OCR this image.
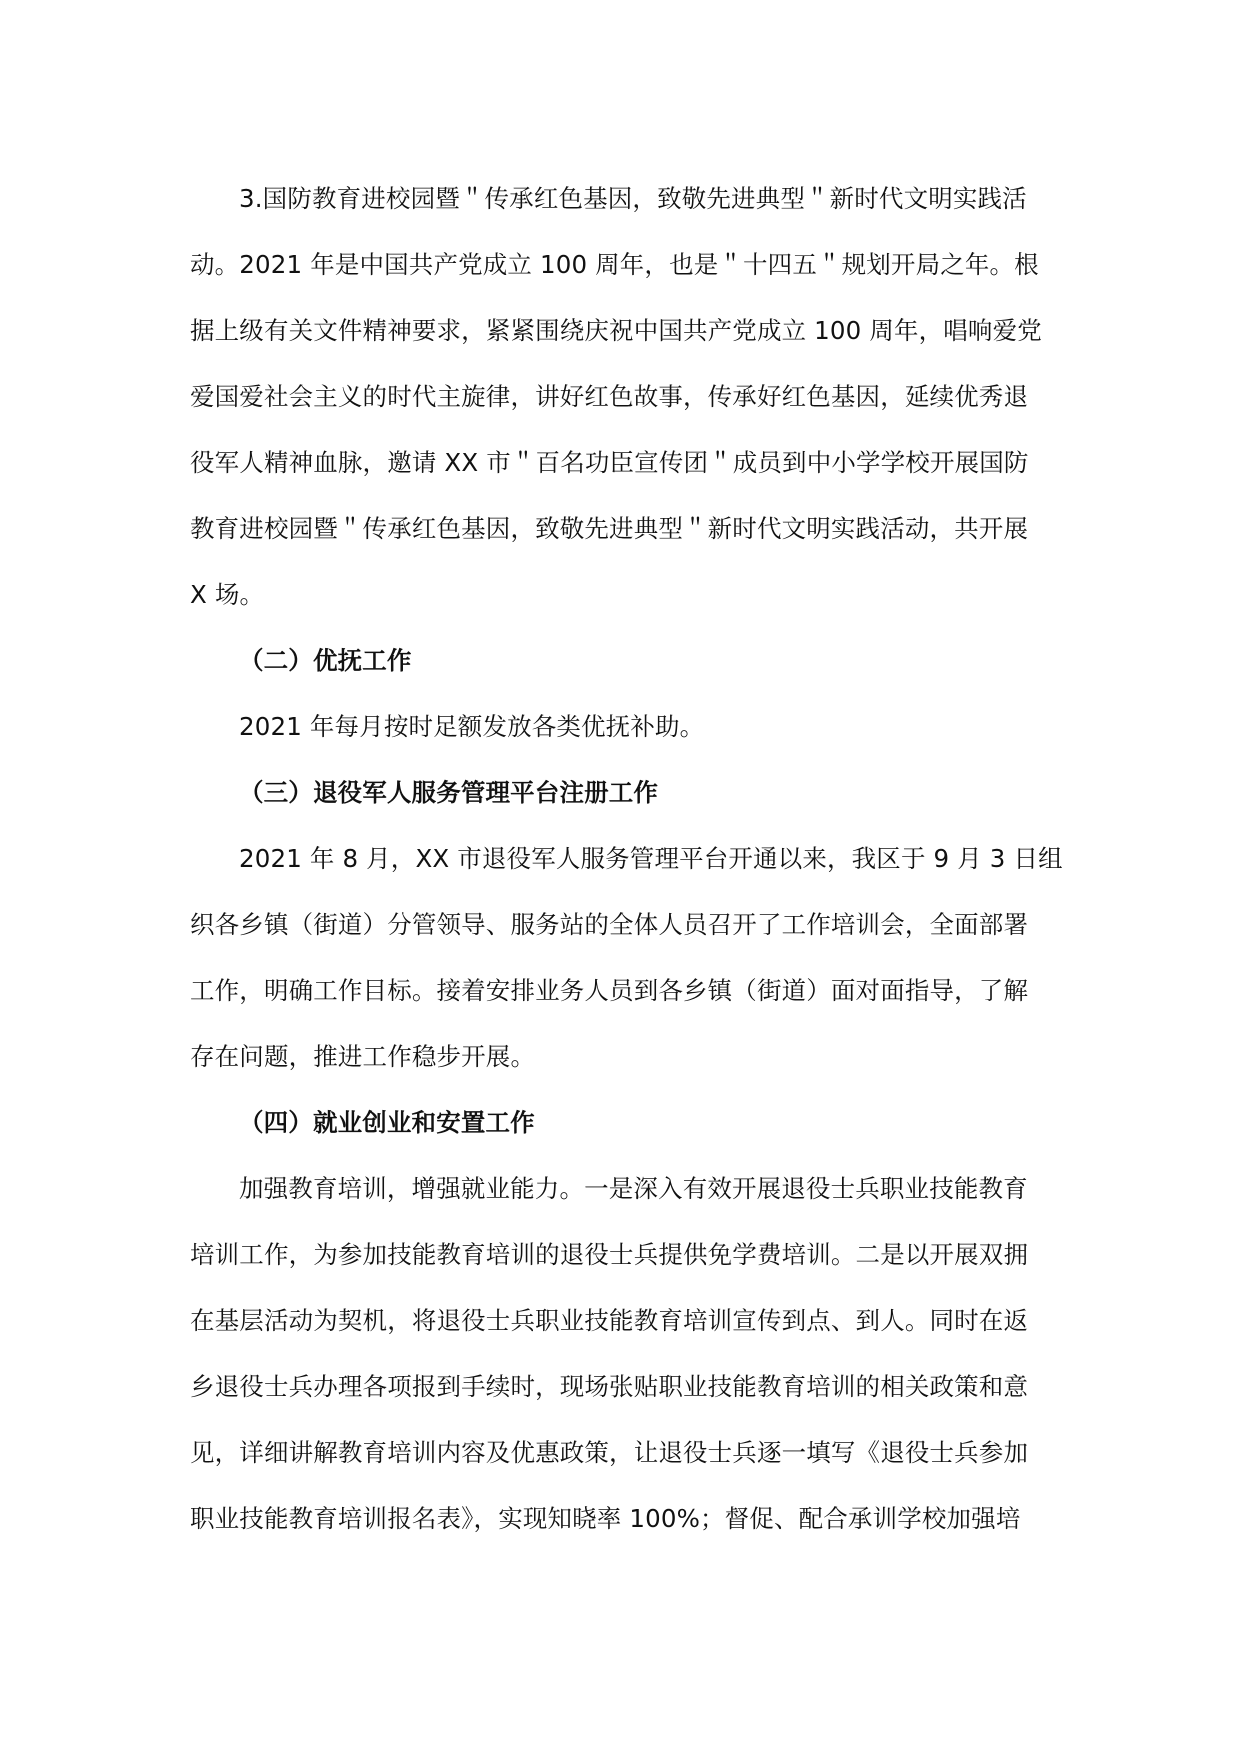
3.国防教育进校园暨＂传承红色基因，致敬先进典型＂新时代文明实践活
动。2021 年是中国共产党成立 100 周年，也是＂十四五＂规划开局之年。根
据上级有关文件精神要求，紧紧围绕庆祝中国共产党成立 100 周年，唱响爱党
爱国爱社会主义的时代主旋律，讲好红色故事，传承好红色基因，延续优秀退
役军人精神血脉，邀请 XX 市＂百名功臣宣传团＂成员到中小学学校开展国防
教育进校园暨＂传承红色基因，致敬先进典型＂新时代文明实践活动，共开展
X 场。
（二）优抚工作
2021 年每月按时足额发放各类优抚补助。
（三）退役军人服务管理平台注册工作
2021 年 8 月，XX 市退役军人服务管理平台开通以来，我区于 9 月 3 日组
织各乡镇（街道）分管领导、服务站的全体人员召开了工作培训会，全面部署
工作，明确工作目标。接着安排业务人员到各乡镇（街道）面对面指导，了解
存在问题，推进工作稳步开展。
（四）就业创业和安置工作
加强教育培训，增强就业能力。一是深入有效开展退役士兵职业技能教育
培训工作，为参加技能教育培训的退役士兵提供免学费培训。二是以开展双拥
在基层活动为契机，将退役士兵职业技能教育培训宣传到点、到人。同时在返
乡退役士兵办理各项报到手续时，现场张贴职业技能教育培训的相关政策和意
见，详细讲解教育培训内容及优惠政策，让退役士兵逐一填写《退役士兵参加
职业技能教育培训报名表》，实现知晓率 100%；督促、配合承训学校加强培
